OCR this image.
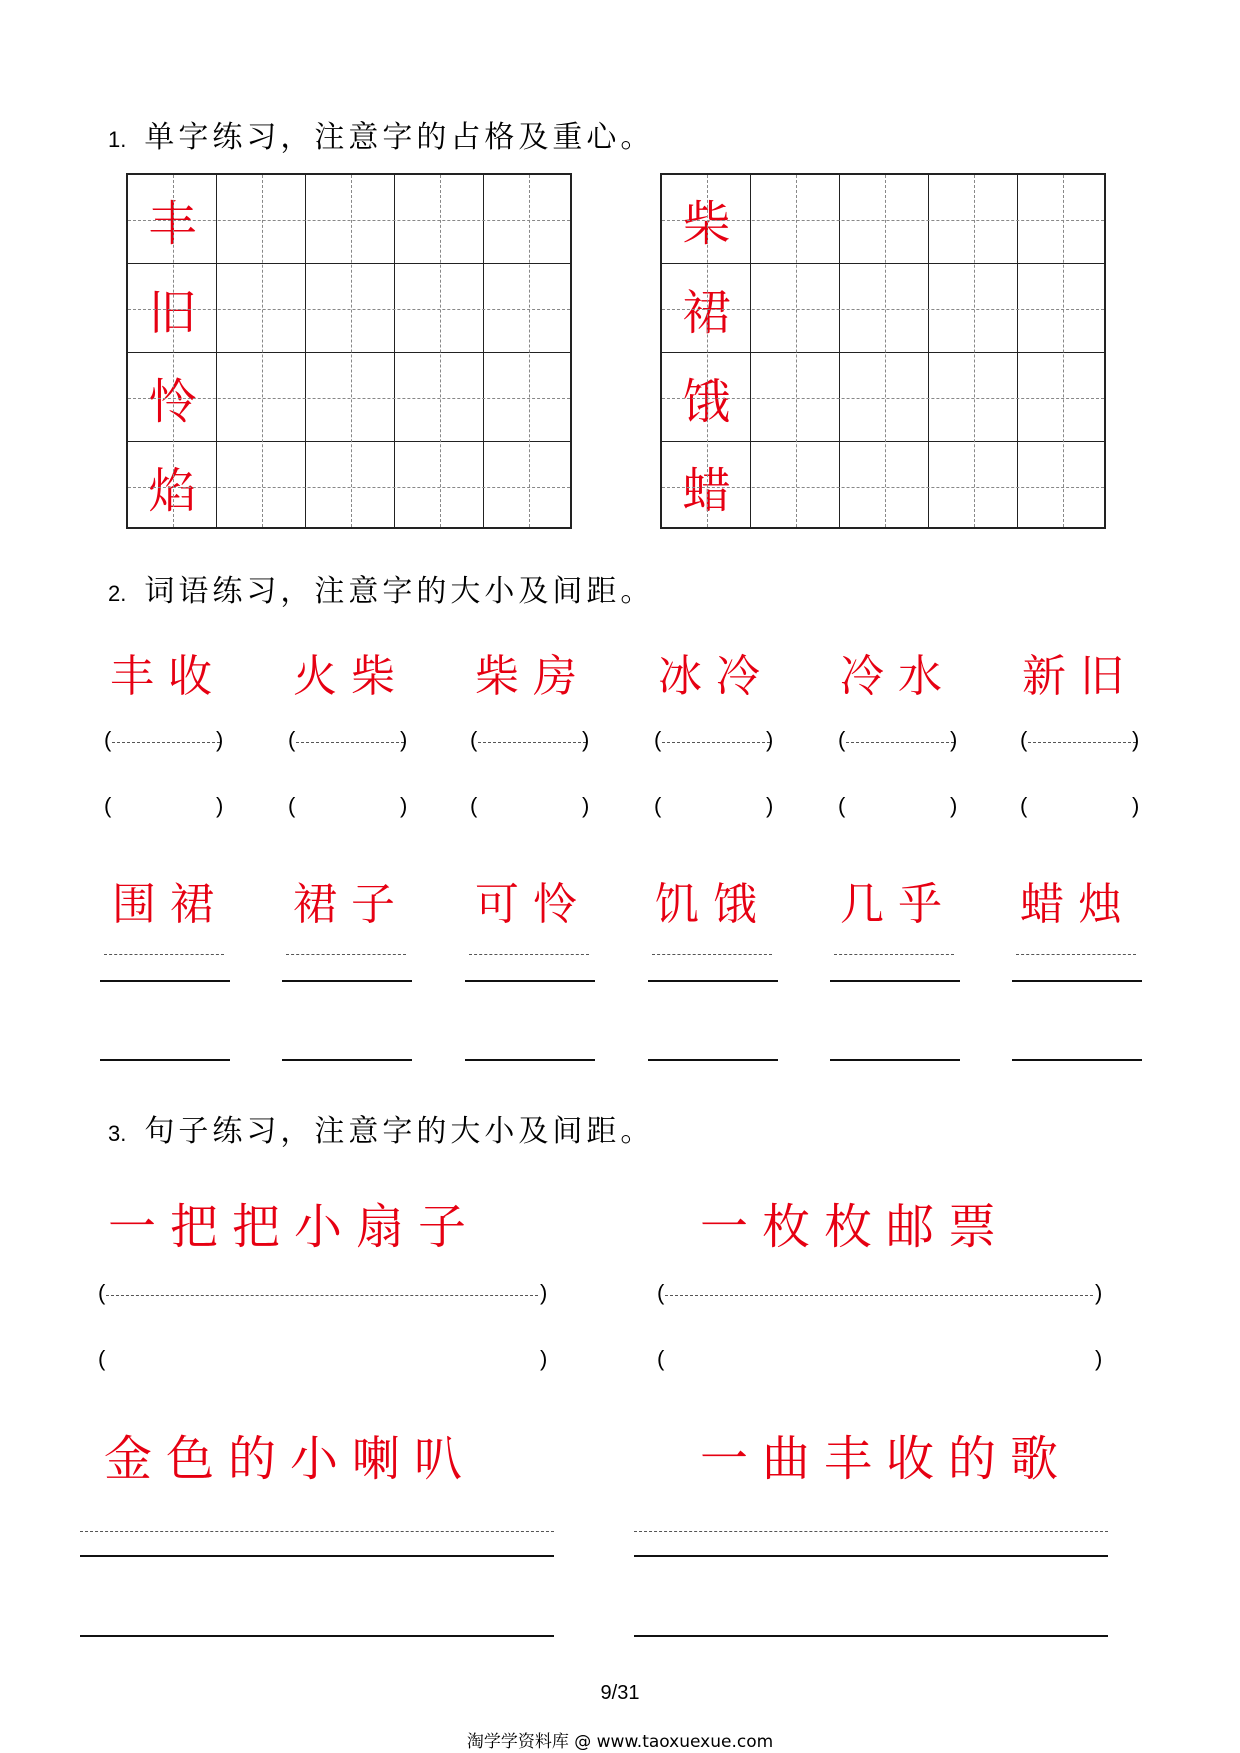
1. 单字练习，注意字的占格及重心。
丰
旧
怜
焰
柴
裙
饿
蜡
2. 词语练习，注意字的大小及间距。
丰收 火柴 柴房 冰冷 冷水 新旧
(	)
(	)
(	)
(	)
(	)
(	)
(	)
(	)
(	)
(	)
(	)
(	)
围裙 裙子 可怜 饥饿 几乎 蜡烛
3. 句子练习，注意字的大小及间距。
一把把小扇子	一枚枚邮票
(	)	(	)
(	)	(	)
金色的小喇叭	一曲丰收的歌
9/31
淘学学资料库 @ www.taoxuexue.com
